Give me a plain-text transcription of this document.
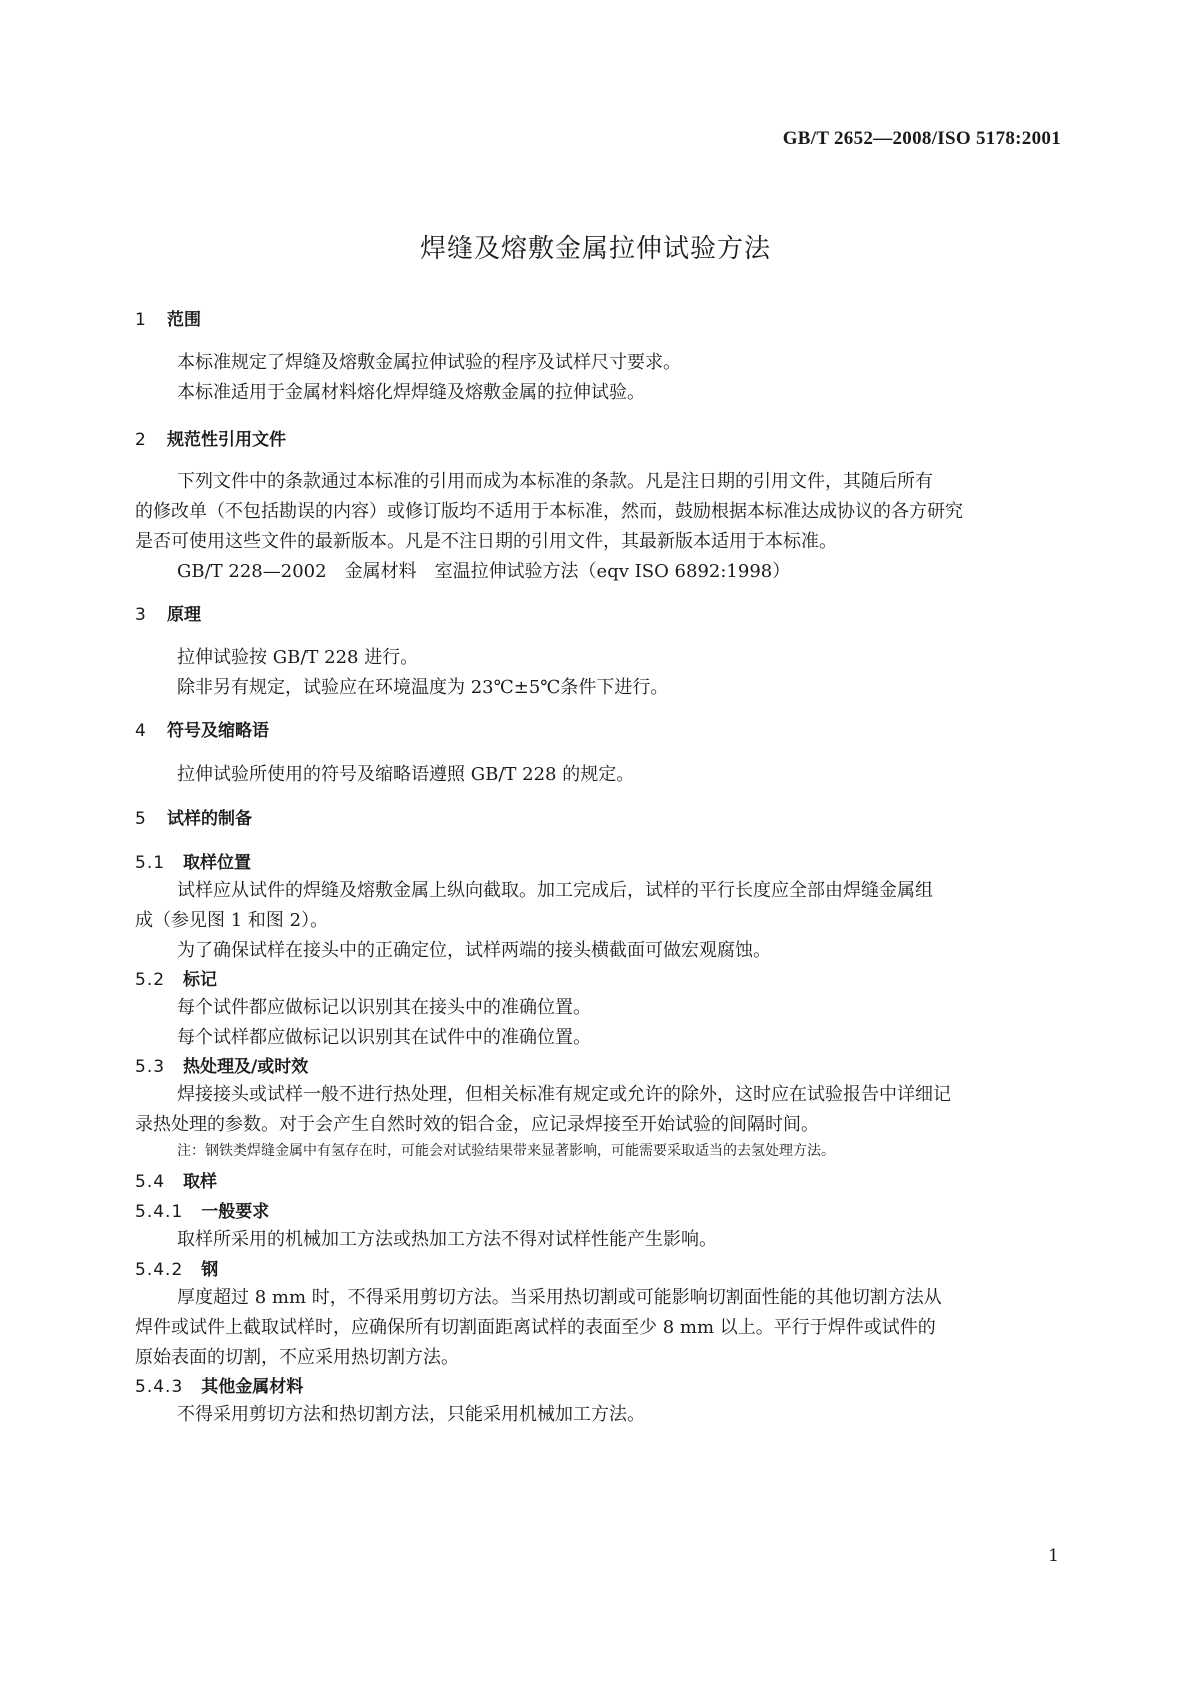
GB/T 2652—2008/ISO 5178:2001
焊缝及熔敷金属拉伸试验方法
1 范围
本标准规定了焊缝及熔敷金属拉伸试验的程序及试样尺寸要求。
本标准适用于金属材料熔化焊焊缝及熔敷金属的拉伸试验。
2 规范性引用文件
下列文件中的条款通过本标准的引用而成为本标准的条款。凡是注日期的引用文件，其随后所有
的修改单（不包括勘误的内容）或修订版均不适用于本标准，然而，鼓励根据本标准达成协议的各方研究
是否可使用这些文件的最新版本。凡是不注日期的引用文件，其最新版本适用于本标准。
GB/T 228—2002　金属材料　室温拉伸试验方法（eqv ISO 6892:1998）
3 原理
拉伸试验按 GB/T 228 进行。
除非另有规定，试验应在环境温度为 23℃±5℃条件下进行。
4 符号及缩略语
拉伸试验所使用的符号及缩略语遵照 GB/T 228 的规定。
5 试样的制备
5.1 取样位置
试样应从试件的焊缝及熔敷金属上纵向截取。加工完成后，试样的平行长度应全部由焊缝金属组
成（参见图 1 和图 2）。
为了确保试样在接头中的正确定位，试样两端的接头横截面可做宏观腐蚀。
5.2 标记
每个试件都应做标记以识别其在接头中的准确位置。
每个试样都应做标记以识别其在试件中的准确位置。
5.3 热处理及/或时效
焊接接头或试样一般不进行热处理，但相关标准有规定或允许的除外，这时应在试验报告中详细记
录热处理的参数。对于会产生自然时效的铝合金，应记录焊接至开始试验的间隔时间。
注：钢铁类焊缝金属中有氢存在时，可能会对试验结果带来显著影响，可能需要采取适当的去氢处理方法。
5.4 取样
5.4.1 一般要求
取样所采用的机械加工方法或热加工方法不得对试样性能产生影响。
5.4.2 钢
厚度超过 8 mm 时，不得采用剪切方法。当采用热切割或可能影响切割面性能的其他切割方法从
焊件或试件上截取试样时，应确保所有切割面距离试样的表面至少 8 mm 以上。平行于焊件或试件的
原始表面的切割，不应采用热切割方法。
5.4.3 其他金属材料
不得采用剪切方法和热切割方法，只能采用机械加工方法。
1
